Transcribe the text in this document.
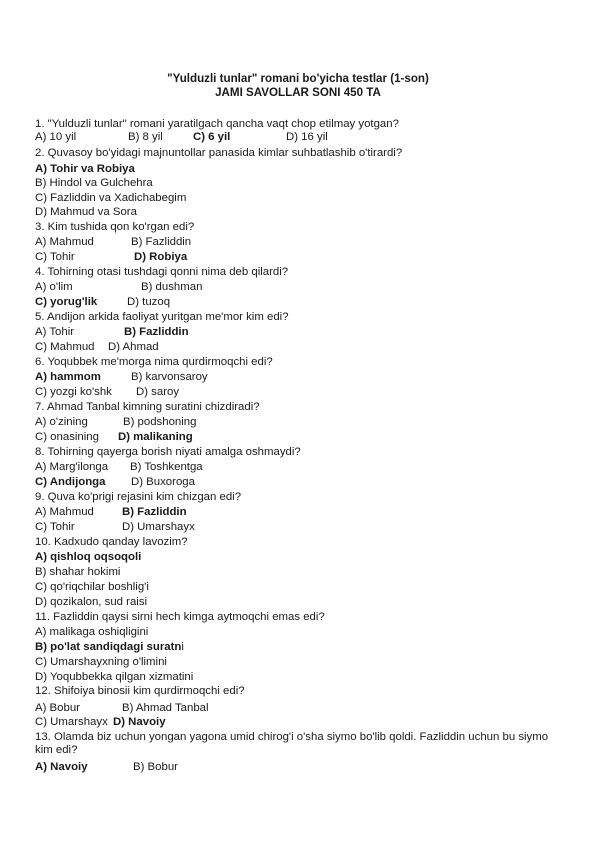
"Yulduzli tunlar" romani bo'yicha testlar (1-son)
JAMI SAVOLLAR SONI 450 TA
1. "Yulduzli tunlar" romani yaratilgach qancha vaqt chop etilmay yotgan?
A) 10 yil	B) 8 yil	C) 6 yil	D) 16 yil
2. Quvasoy bo'yidagi majnuntollar panasida kimlar suhbatlashib o'tirardi?
A) Tohir va Robiya
B) Hindol va Gulchehra
C) Fazliddin va Xadichabegim
D) Mahmud va Sora
3. Kim tushida qon ko'rgan edi?
A) Mahmud	B) Fazliddin
C) Tohir	D) Robiya
4. Tohirning otasi tushdagi qonni nima deb qilardi?
A) o'lim	B) dushman
C) yorug'lik	D) tuzoq
5. Andijon arkida faoliyat yuritgan me'mor kim edi?
A) Tohir	B) Fazliddin
C) Mahmud D) Ahmad
6. Yoqubbek me'morga nima qurdirmoqchi edi?
A) hammom	B) karvonsaroy
C) yozgi ko'shk D) saroy
7. Ahmad Tanbal kimning suratini chizdiradi?
A) o'zining	B) podshoning
C) onasining D) malikaning
8. Tohirning qayerga borish niyati amalga oshmaydi?
A) Marg'ilonga B) Toshkentga
C) Andijonga D) Buxoroga
9. Quva ko'prigi rejasini kim chizgan edi?
A) Mahmud B) Fazliddin
C) Tohir	D) Umarshayx
10. Kadxudo qanday lavozim?
A) qishloq oqsoqoli
B) shahar hokimi
C) qo'riqchilar boshlig'i
D) qozikalon, sud raisi
11. Fazliddin qaysi sirni hech kimga aytmoqchi emas edi?
A) malikaga oshiqligini
B) po'lat sandiqdagi suratni
C) Umarshayxning o'limini
D) Yoqubbekka qilgan xizmatini
12. Shifoiya binosii kim qurdirmoqchi edi?
A) Bobur	B) Ahmad Tanbal
C) Umarshayx D) Navoiy
13. Olamda biz uchun yongan yagona umid chirog'i o'sha siymo bo'lib qoldi. Fazliddin uchun bu siymo kim edi?
A) Navoiy	B) Bobur
